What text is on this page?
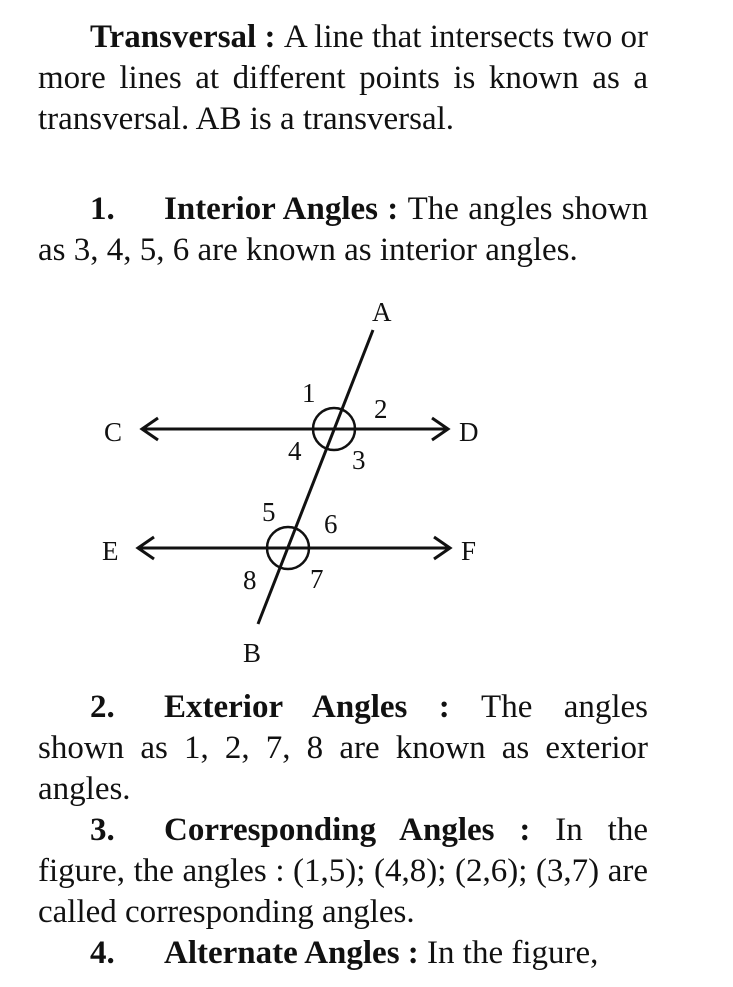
Transversal : A line that intersects two or more lines at different points is known as a transversal. AB is a transversal.

1. Interior Angles : The angles shown as 3, 4, 5, 6 are known as interior angles.

A
B
C	D
E	F
1
2
3
4
5 6
7
8

2. Exterior Angles : The angles shown as 1, 2, 7, 8 are known as exterior angles.

3. Corresponding Angles : In the figure, the angles : (1,5); (4,8); (2,6); (3,7) are called corresponding angles.

4. Alternate Angles : In the figure,
